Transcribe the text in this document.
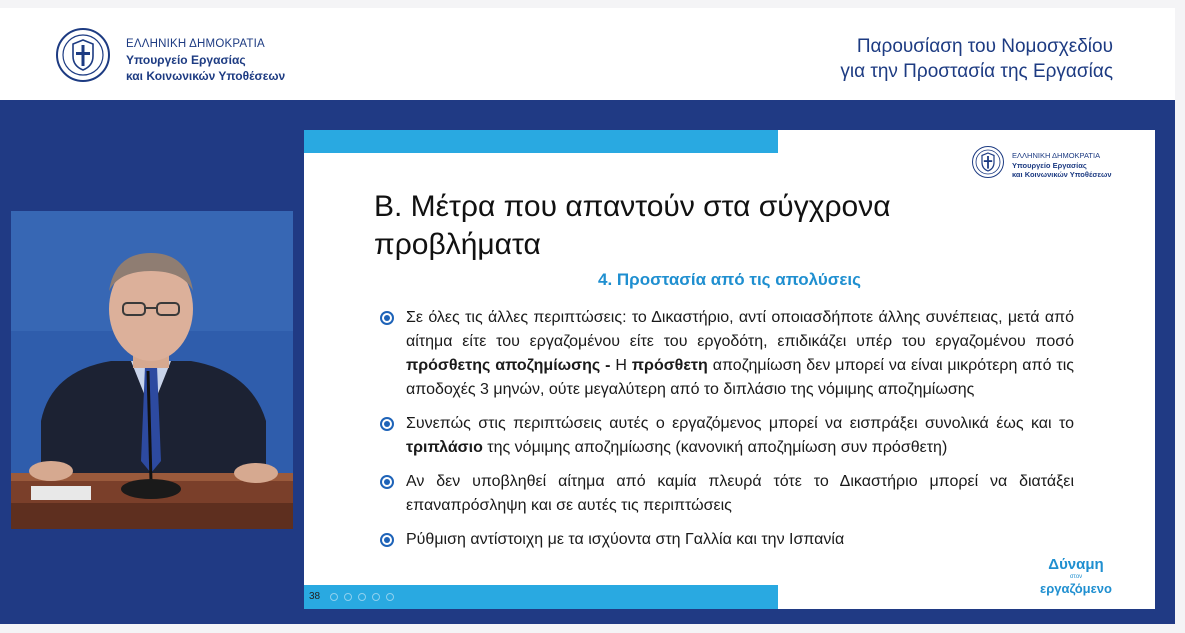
ΕΛΛΗΝΙΚΗ ΔΗΜΟΚΡΑΤΙΑ
Υπουργείο Εργασίας
και Κοινωνικών Υποθέσεων
Παρουσίαση του Νομοσχεδίου
για την Προστασία της Εργασίας
ΕΛΛΗΝΙΚΗ ΔΗΜΟΚΡΑΤΙΑ
Υπουργείο Εργασίας
και Κοινωνικών Υποθέσεων
Β. Μέτρα που απαντούν στα σύγχρονα
προβλήματα
4. Προστασία από τις απολύσεις
Σε όλες τις άλλες περιπτώσεις: το Δικαστήριο, αντί οποιασδήποτε άλλης συνέπειας, μετά από αίτημα είτε του εργαζομένου είτε του εργοδότη, επιδικάζει υπέρ του εργαζομένου ποσό πρόσθετης αποζημίωσης - Η πρόσθετη αποζημίωση δεν μπορεί να είναι μικρότερη από τις αποδοχές 3 μηνών, ούτε μεγαλύτερη από το διπλάσιο της νόμιμης αποζημίωσης
Συνεπώς στις περιπτώσεις αυτές ο εργαζόμενος μπορεί να εισπράξει συνολικά έως και το τριπλάσιο της νόμιμης αποζημίωσης (κανονική αποζημίωση συν πρόσθετη)
Αν δεν υποβληθεί αίτημα από καμία πλευρά τότε το Δικαστήριο μπορεί να διατάξει επαναπρόσληψη και σε αυτές τις περιπτώσεις
Ρύθμιση αντίστοιχη με τα ισχύοντα στη Γαλλία και την Ισπανία
38
Δύναμη
στον
εργαζόμενο
